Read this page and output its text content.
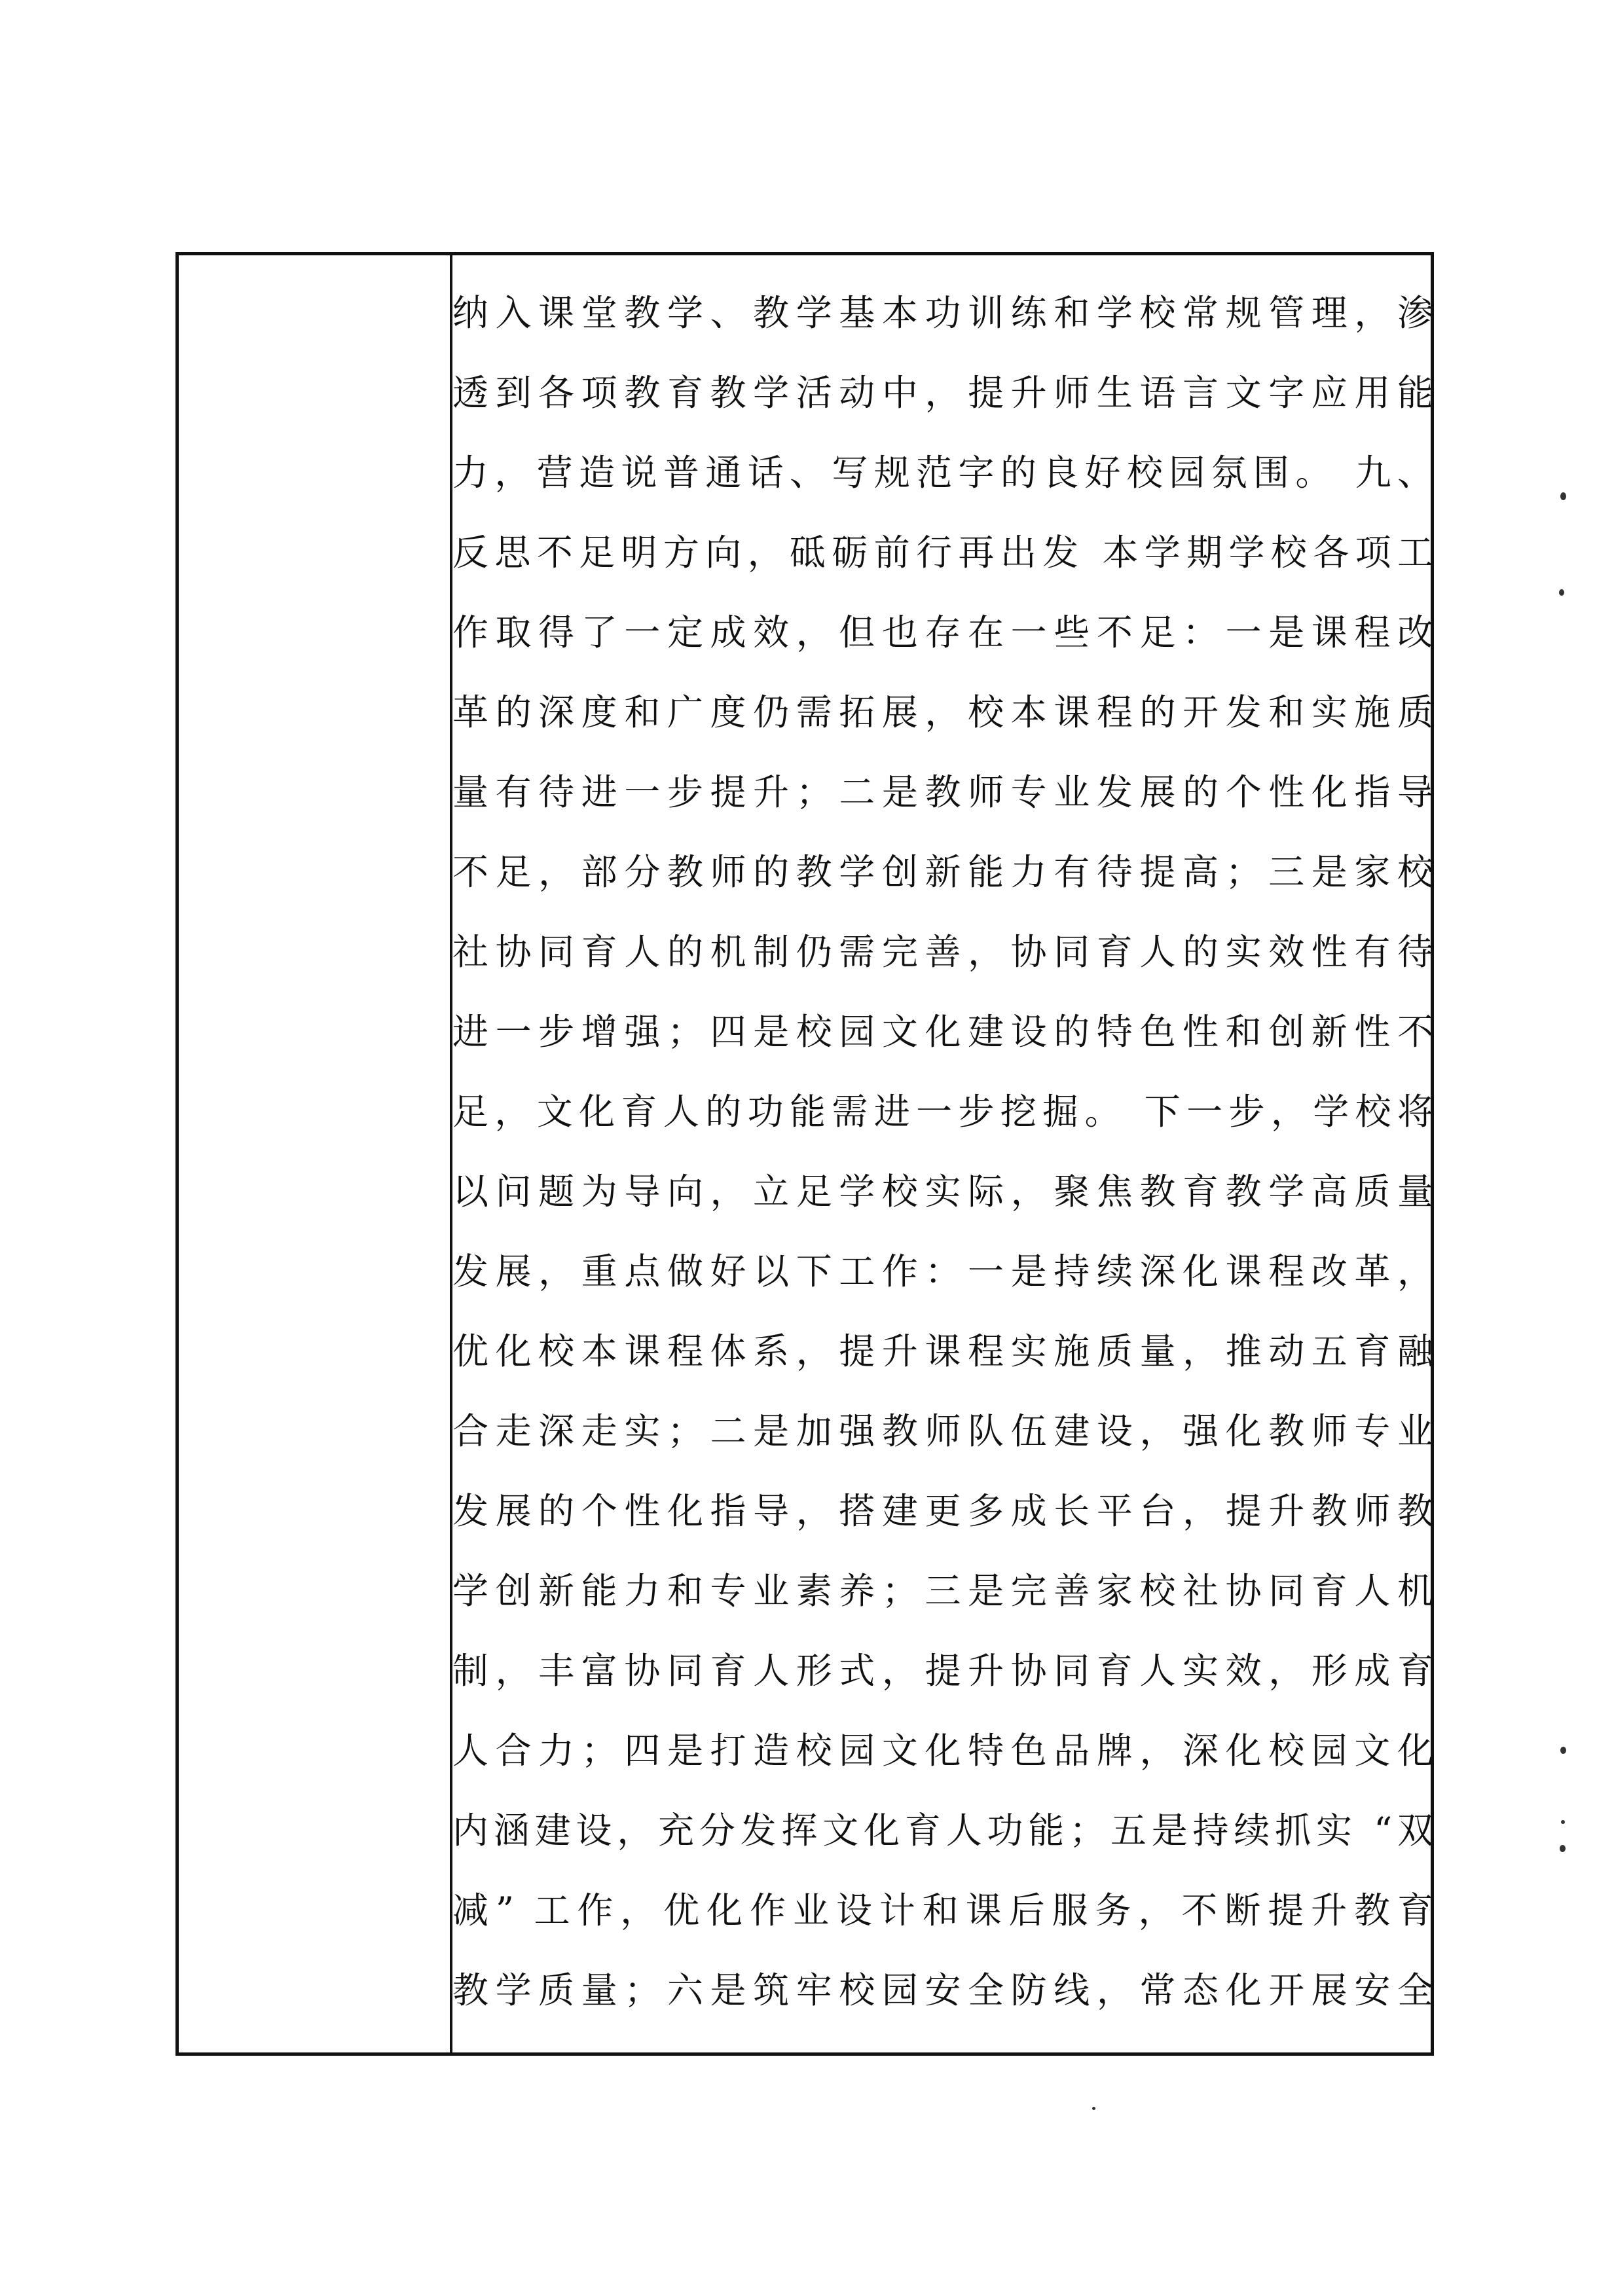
纳入课堂教学、教学基本功训练和学校常规管理，渗
透到各项教育教学活动中，提升师生语言文字应用能
力，营造说普通话、写规范字的良好校园氛围。 九、
反思不足明方向，砥砺前行再出发 本学期学校各项工
作取得了一定成效，但也存在一些不足：一是课程改
革的深度和广度仍需拓展，校本课程的开发和实施质
量有待进一步提升；二是教师专业发展的个性化指导
不足，部分教师的教学创新能力有待提高；三是家校
社协同育人的机制仍需完善，协同育人的实效性有待
进一步增强；四是校园文化建设的特色性和创新性不
足，文化育人的功能需进一步挖掘。 下一步，学校将
以问题为导向，立足学校实际，聚焦教育教学高质量
发展，重点做好以下工作：一是持续深化课程改革，
优化校本课程体系，提升课程实施质量，推动五育融
合走深走实；二是加强教师队伍建设，强化教师专业
发展的个性化指导，搭建更多成长平台，提升教师教
学创新能力和专业素养；三是完善家校社协同育人机
制，丰富协同育人形式，提升协同育人实效，形成育
人合力；四是打造校园文化特色品牌，深化校园文化
内涵建设，充分发挥文化育人功能；五是持续抓实 “双
减” 工作，优化作业设计和课后服务，不断提升教育
教学质量；六是筑牢校园安全防线，常态化开展安全
